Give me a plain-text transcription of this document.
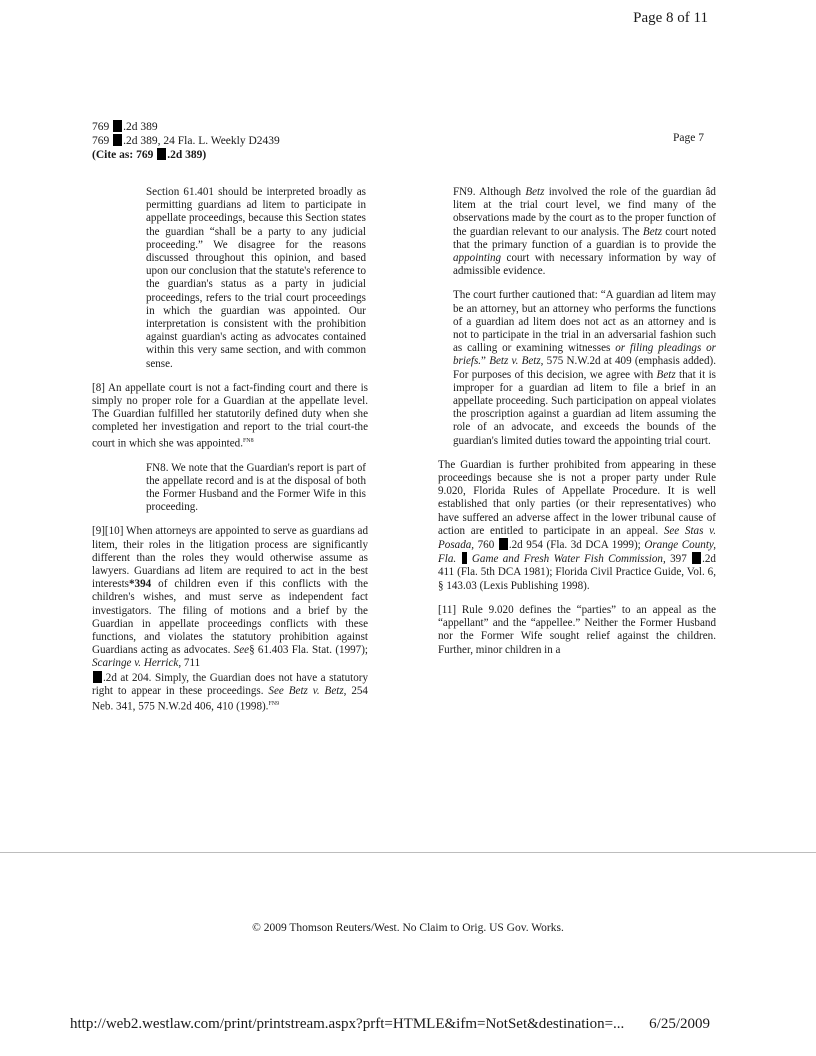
Page 8 of 11
769 .2d 389
769 .2d 389, 24 Fla. L. Weekly D2439
(Cite as: 769 .2d 389)
Page 7

Section 61.401 should be interpreted broadly as permitting guardians ad litem to participate in appellate proceedings, because this Section states the guardian “shall be a party to any judicial proceeding.” We disagree for the reasons discussed throughout this opinion, and based upon our conclusion that the statute's reference to the guardian's status as a party in judicial proceedings, refers to the trial court proceedings in which the guardian was appointed. Our interpretation is consistent with the prohibition against guardian's acting as advocates contained within this very same section, and with common sense.

[8] An appellate court is not a fact-finding court and there is simply no proper role for a Guardian at the appellate level. The Guardian fulfilled her statutorily defined duty when she completed her investigation and report to the trial court-the court in which she was appointed.$^{FN8}$

FN8. We note that the Guardian's report is part of the appellate record and is at the disposal of both the Former Husband and the Former Wife in this proceeding.

[9][10] When attorneys are appointed to serve as guardians ad litem, their roles in the litigation process are significantly different than the roles they would otherwise assume as lawyers. Guardians ad litem are required to act in the best interests*394 of children even if this conflicts with the children's wishes, and must serve as independent fact investigators. The filing of motions and a brief by the Guardian in appellate proceedings conflicts with these functions, and violates the statutory prohibition against Guardians acting as advocates. See§ 61.403 Fla. Stat. (1997); Scaringe v. Herrick, 711
.2d at 204. Simply, the Guardian does not have a statutory right to appear in these proceedings. See Betz v. Betz, 254 Neb. 341, 575 N.W.2d 406, 410 (1998).$^{FN9}$

FN9. Although Betz involved the role of the guardian âd litem at the trial court level, we find many of the observations made by the court as to the proper function of the guardian relevant to our analysis. The Betz court noted that the primary function of a guardian is to provide the appointing court with necessary information by way of admissible evidence.

The court further cautioned that: “A guardian ad litem may be an attorney, but an attorney who performs the functions of a guardian ad litem does not act as an attorney and is not to participate in the trial in an adversarial fashion such as calling or examining witnesses or filing pleadings or briefs.” Betz v. Betz, 575 N.W.2d at 409 (emphasis added). For purposes of this decision, we agree with Betz that it is improper for a guardian ad litem to file a brief in an appellate proceeding. Such participation on appeal violates the proscription against a guardian ad litem assuming the role of an advocate, and exceeds the bounds of the guardian's limited duties toward the appointing trial court.

The Guardian is further prohibited from appearing in these proceedings because she is not a proper party under Rule 9.020, Florida Rules of Appellate Procedure. It is well established that only parties (or their representatives) who have suffered an adverse affect in the lower tribunal cause of action are entitled to participate in an appeal. See Stas v. Posada, 760 .2d 954 (Fla. 3d DCA 1999); Orange County, Fla.  Game and Fresh Water Fish Commission, 397 .2d 411 (Fla. 5th DCA 1981); Florida Civil Practice Guide, Vol. 6, § 143.03 (Lexis Publishing 1998).

[11] Rule 9.020 defines the “parties” to an appeal as the “appellant” and the “appellee.” Neither the Former Husband nor the Former Wife sought relief against the children. Further, minor children in a

© 2009 Thomson Reuters/West. No Claim to Orig. US Gov. Works.
http://web2.westlaw.com/print/printstream.aspx?prft=HTMLE&ifm=NotSet&destination=... 6/25/2009
